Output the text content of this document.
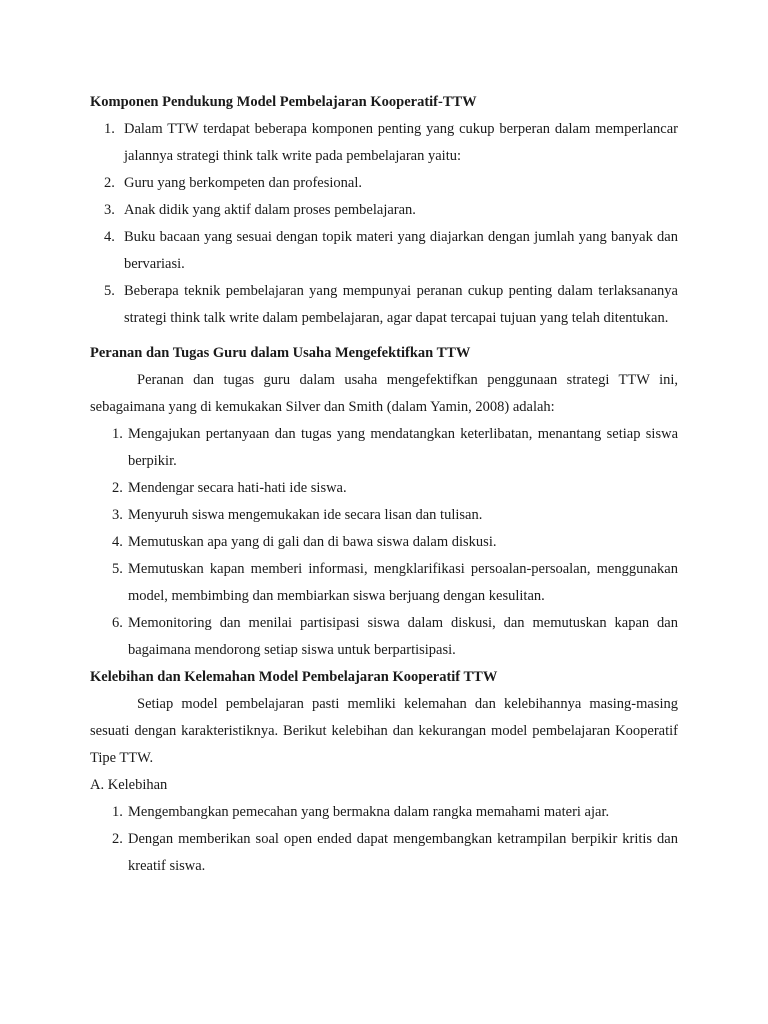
Komponen Pendukung Model Pembelajaran Kooperatif-TTW

1. Dalam TTW terdapat beberapa komponen penting yang cukup berperan dalam memperlancar jalannya strategi think talk write pada pembelajaran yaitu:
2. Guru yang berkompeten dan profesional.
3. Anak didik yang aktif dalam proses pembelajaran.
4. Buku bacaan yang sesuai dengan topik materi yang diajarkan dengan jumlah yang banyak dan bervariasi.
5. Beberapa teknik pembelajaran yang mempunyai peranan cukup penting dalam terlaksananya strategi think talk write dalam pembelajaran, agar dapat tercapai tujuan yang telah ditentukan.

Peranan dan Tugas Guru dalam Usaha Mengefektifkan TTW

Peranan dan tugas guru dalam usaha mengefektifkan penggunaan strategi TTW ini, sebagaimana yang di kemukakan Silver dan Smith (dalam Yamin, 2008) adalah:

1. Mengajukan pertanyaan dan tugas yang mendatangkan keterlibatan, menantang setiap siswa berpikir.
2. Mendengar secara hati-hati ide siswa.
3. Menyuruh siswa mengemukakan ide secara lisan dan tulisan.
4. Memutuskan apa yang di gali dan di bawa siswa dalam diskusi.
5. Memutuskan kapan memberi informasi, mengklarifikasi persoalan-persoalan, menggunakan model, membimbing dan membiarkan siswa berjuang dengan kesulitan.
6. Memonitoring dan menilai partisipasi siswa dalam diskusi, dan memutuskan kapan dan bagaimana mendorong setiap siswa untuk berpartisipasi.

Kelebihan dan Kelemahan Model Pembelajaran Kooperatif TTW

Setiap model pembelajaran pasti memliki kelemahan dan kelebihannya masing-masing sesuati dengan karakteristiknya. Berikut kelebihan dan kekurangan model pembelajaran Kooperatif Tipe TTW.

A. Kelebihan

1. Mengembangkan pemecahan yang bermakna dalam rangka memahami materi ajar.
2. Dengan memberikan soal open ended dapat mengembangkan ketrampilan berpikir kritis dan kreatif siswa.
